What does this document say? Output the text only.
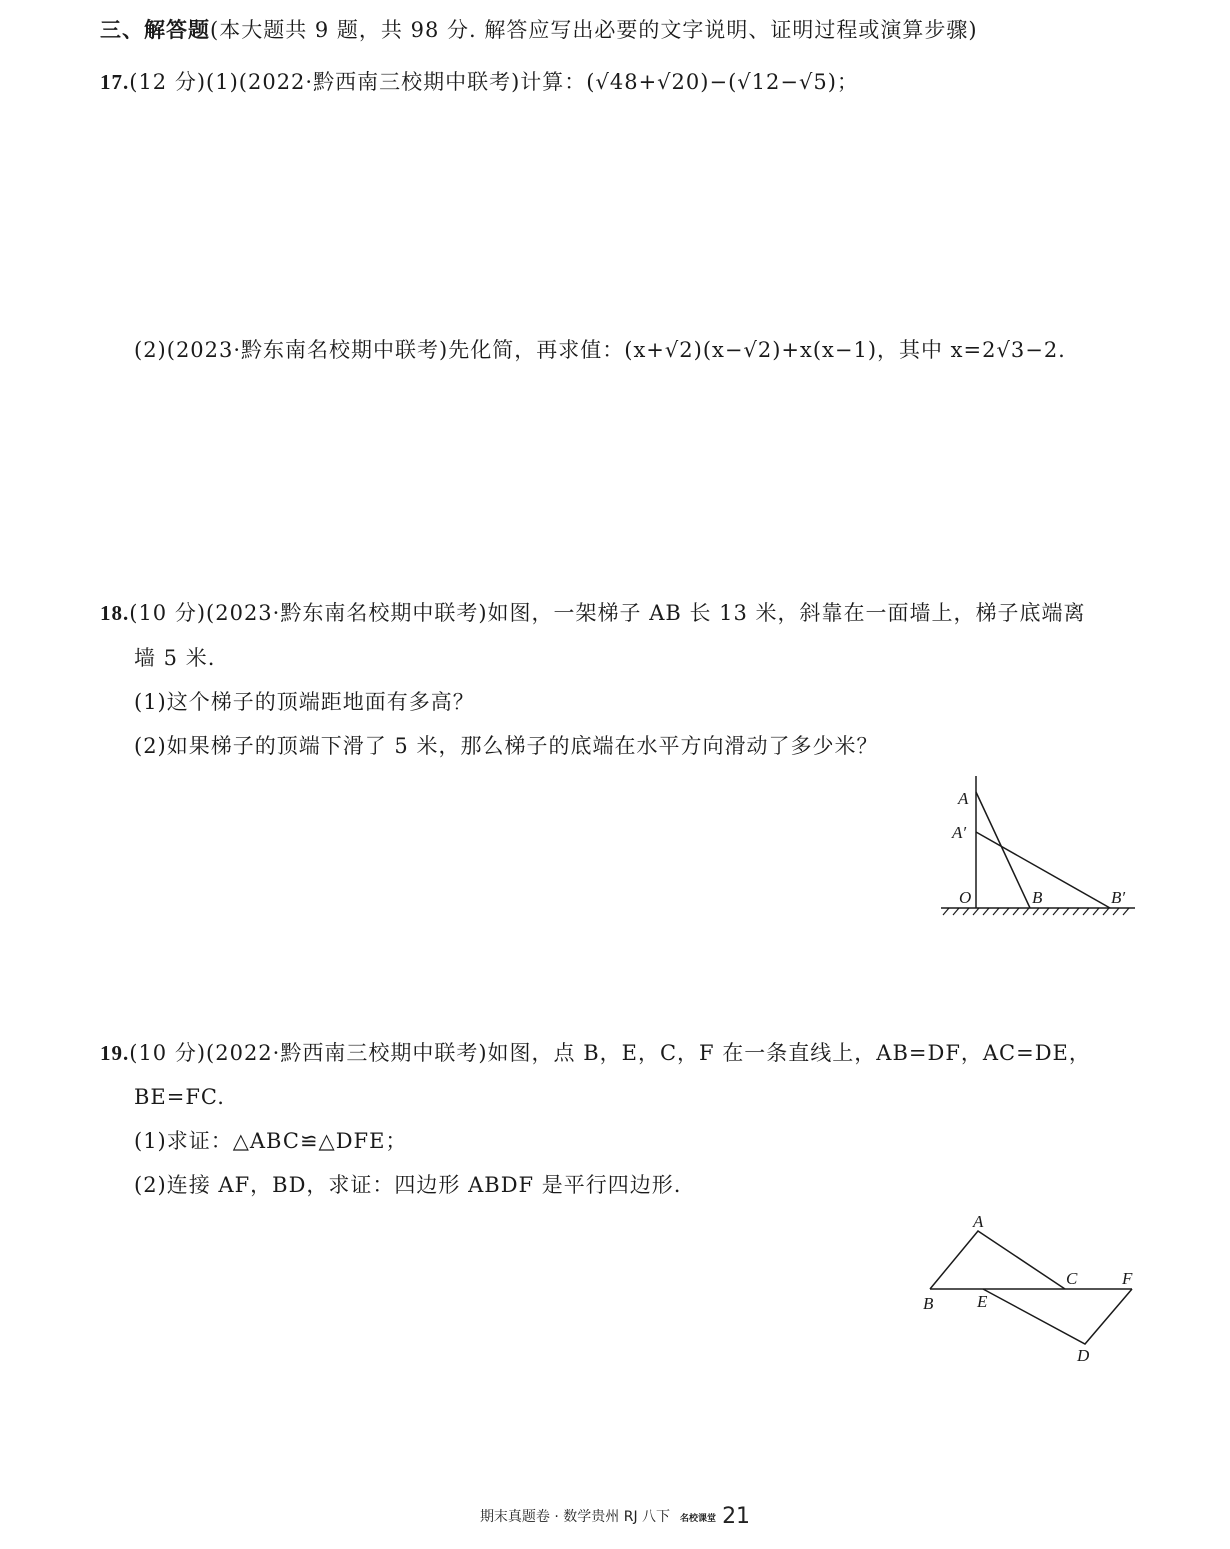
三、解答题(本大题共 9 题，共 98 分. 解答应写出必要的文字说明、证明过程或演算步骤)
17.(12 分)(1)(2022·黔西南三校期中联考)计算：(√48+√20)−(√12−√5)；
(2)(2023·黔东南名校期中联考)先化简，再求值：(x+√2)(x−√2)+x(x−1)，其中 x=2√3−2.
18.(10 分)(2023·黔东南名校期中联考)如图，一架梯子 AB 长 13 米，斜靠在一面墙上，梯子底端离
墙 5 米.
(1)这个梯子的顶端距地面有多高？
(2)如果梯子的顶端下滑了 5 米，那么梯子的底端在水平方向滑动了多少米？
A
A′
O	B	B′
19.(10 分)(2022·黔西南三校期中联考)如图，点 B，E，C，F 在一条直线上，AB=DF，AC=DE，
BE=FC.
(1)求证：△ABC≌△DFE；
(2)连接 AF，BD，求证：四边形 ABDF 是平行四边形.
A
B	E
C	F
D
期末真题卷 · 数学贵州 RJ 八下 名校课堂 21
